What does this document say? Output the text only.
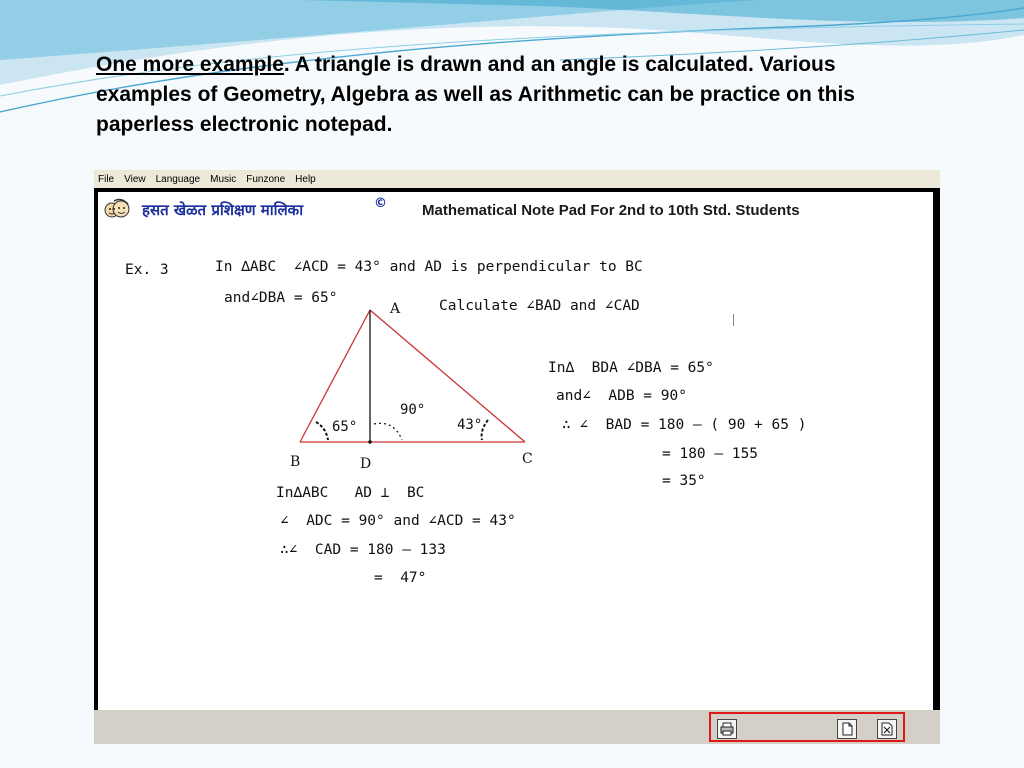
One more example. A triangle is drawn and an angle is calculated. Various examples of Geometry, Algebra as well as Arithmetic can be practice on this paperless electronic notepad.
File	View	Language	Music	Funzone	Help
हसत खेळत प्रशिक्षण मालिका	© Mathematical Note Pad For 2nd to 10th Std. Students
Ex. 3	In ∆ABC  ∠ACD = 43° and AD is perpendicular to BC
and∠DBA = 65°	Calculate ∠BAD and ∠CAD
A
B	D	C
65°
90°
43°
In∆  BDA ∠DBA = 65°
and∠  ADB = 90°
∴ ∠  BAD = 180 – ( 90 + 65 )
= 180 – 155
= 35°
In∆ABC   AD ⊥  BC
∠  ADC = 90° and ∠ACD = 43°
∴∠  CAD = 180 – 133
=  47°
